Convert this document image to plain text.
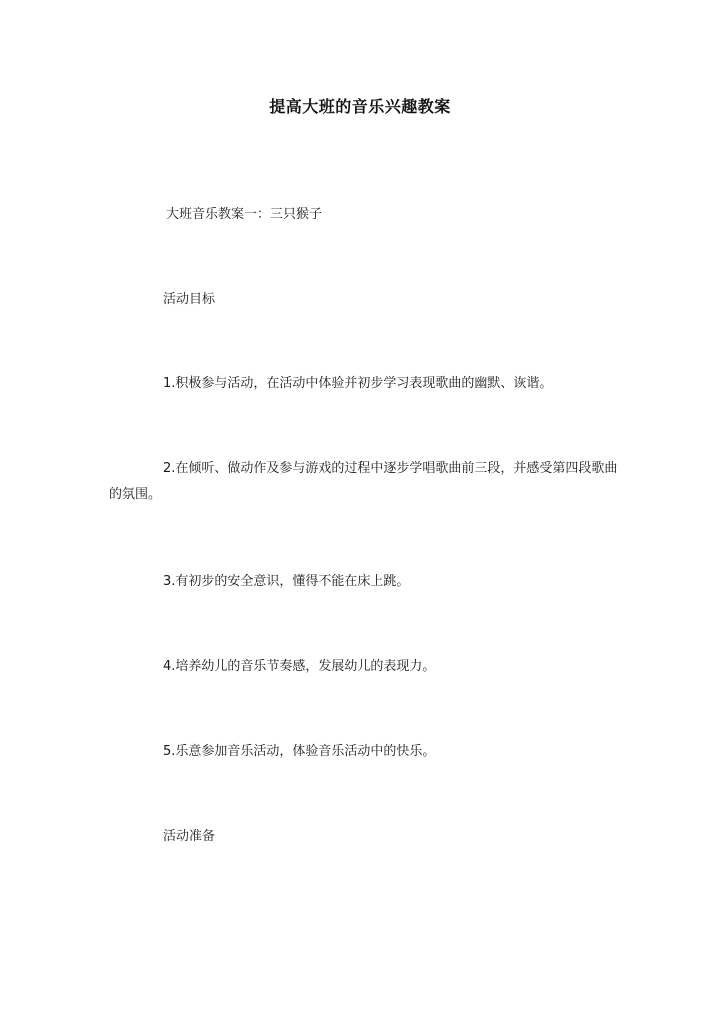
提高大班的音乐兴趣教案
大班音乐教案一：三只猴子
活动目标
1.积极参与活动，在活动中体验并初步学习表现歌曲的幽默、诙谐。
2.在倾听、做动作及参与游戏的过程中逐步学唱歌曲前三段，并感受第四段歌曲的氛围。
3.有初步的安全意识，懂得不能在床上跳。
4.培养幼儿的音乐节奏感，发展幼儿的表现力。
5.乐意参加音乐活动，体验音乐活动中的快乐。
活动准备
